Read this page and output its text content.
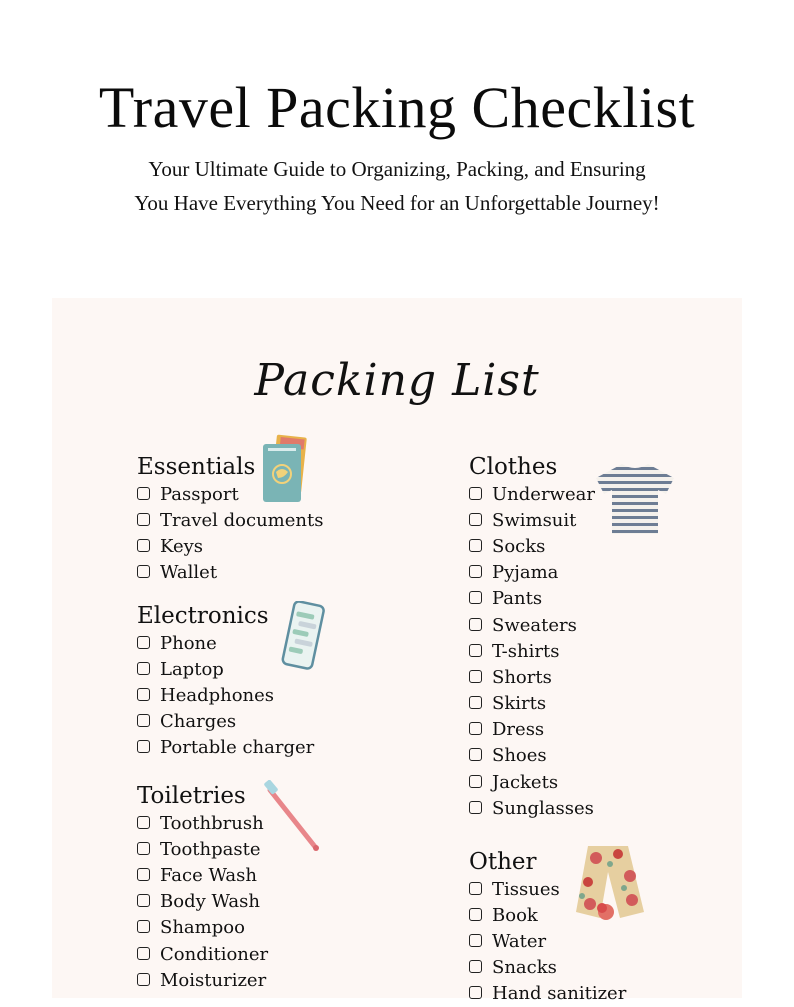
Travel Packing Checklist
Your Ultimate Guide to Organizing, Packing, and Ensuring You Have Everything You Need for an Unforgettable Journey!
Packing List
Essentials
Passport
Travel documents
Keys
Wallet
Electronics
Phone
Laptop
Headphones
Charges
Portable charger
Toiletries
Toothbrush
Toothpaste
Face Wash
Body Wash
Shampoo
Conditioner
Moisturizer
Clothes
Underwear
Swimsuit
Socks
Pyjama
Pants
Sweaters
T-shirts
Shorts
Skirts
Dress
Shoes
Jackets
Sunglasses
Other
Tissues
Book
Water
Snacks
Hand sanitizer
